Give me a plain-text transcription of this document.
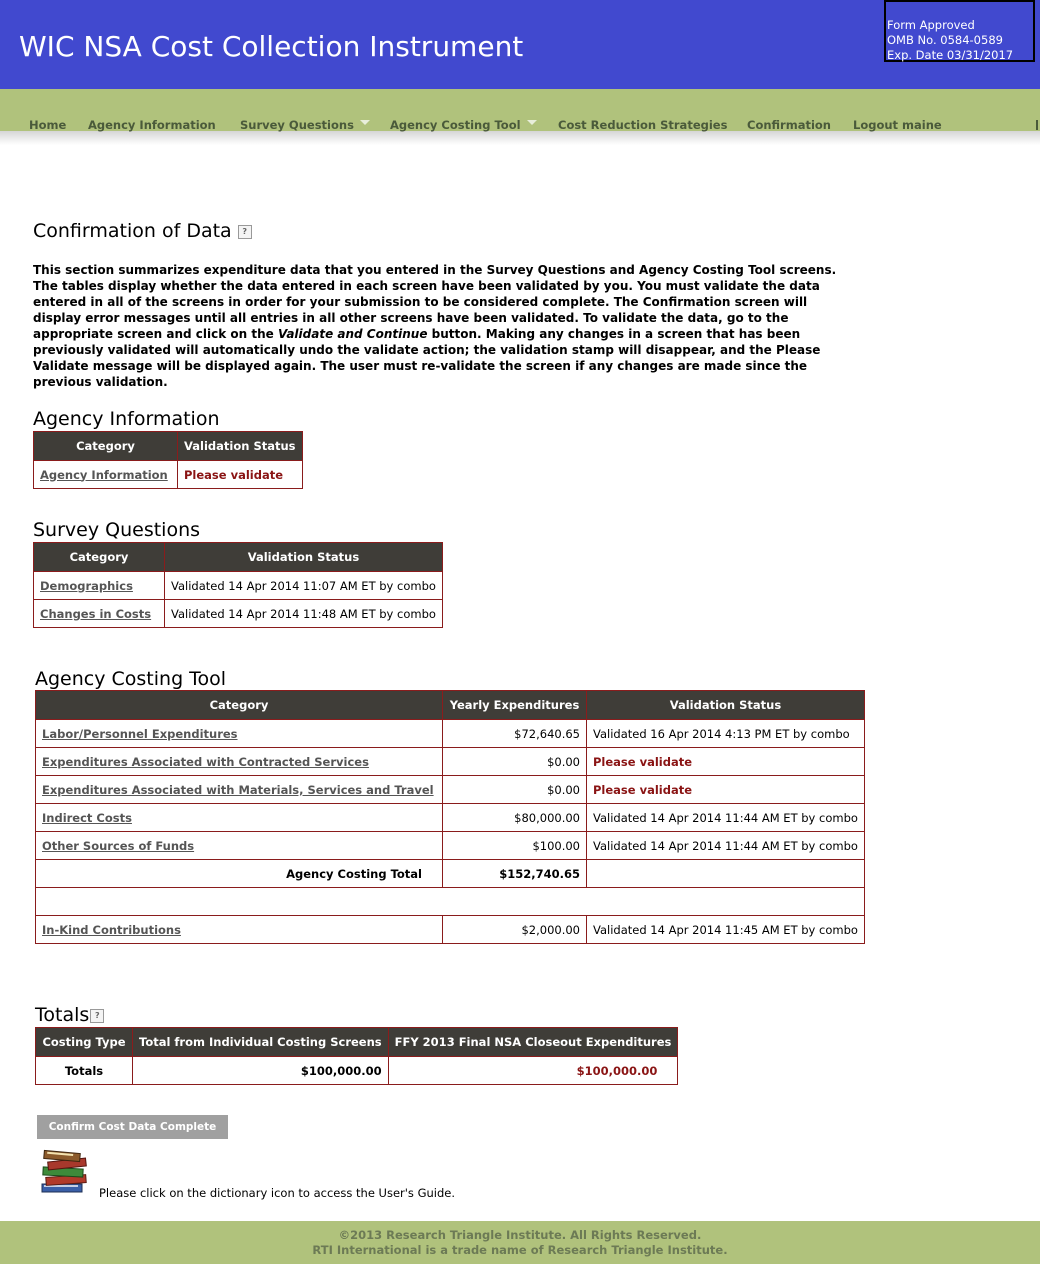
WIC NSA Cost Collection Instrument
Form Approved
OMB No. 0584-0589
Exp. Date 03/31/2017
Home Agency Information Survey Questions	Agency Costing Tool	Cost Reduction Strategies Confirmation Logout maine
Confirmation of Data ?
This section summarizes expenditure data that you entered in the Survey Questions and Agency Costing Tool screens. The tables display whether the data entered in each screen have been validated by you. You must validate the data entered in all of the screens in order for your submission to be considered complete. The Confirmation screen will display error messages until all entries in all other screens have been validated. To validate the data, go to the appropriate screen and click on the Validate and Continue button. Making any changes in a screen that has been previously validated will automatically undo the validate action; the validation stamp will disappear, and the Please Validate message will be displayed again. The user must re-validate the screen if any changes are made since the previous validation.
Agency Information
Category	Validation Status
Agency Information	Please validate
Survey Questions
Category	Validation Status
Demographics	Validated 14 Apr 2014 11:07 AM ET by combo
Changes in Costs	Validated 14 Apr 2014 11:48 AM ET by combo
Agency Costing Tool
Category	Yearly Expenditures	Validation Status
Labor/Personnel Expenditures	$72,640.65	Validated 16 Apr 2014 4:13 PM ET by combo
Expenditures Associated with Contracted Services	$0.00	Please validate
Expenditures Associated with Materials, Services and Travel	$0.00	Please validate
Indirect Costs	$80,000.00	Validated 14 Apr 2014 11:44 AM ET by combo
Other Sources of Funds	$100.00	Validated 14 Apr 2014 11:44 AM ET by combo
Agency Costing Total	$152,740.65	

In-Kind Contributions	$2,000.00	Validated 14 Apr 2014 11:45 AM ET by combo
Totals ?
Costing Type	Total from Individual Costing Screens	FFY 2013 Final NSA Closeout Expenditures
Totals	$100,000.00	$100,000.00
Confirm Cost Data Complete
Please click on the dictionary icon to access the User's Guide.
©2013 Research Triangle Institute. All Rights Reserved.
RTI International is a trade name of Research Triangle Institute.
